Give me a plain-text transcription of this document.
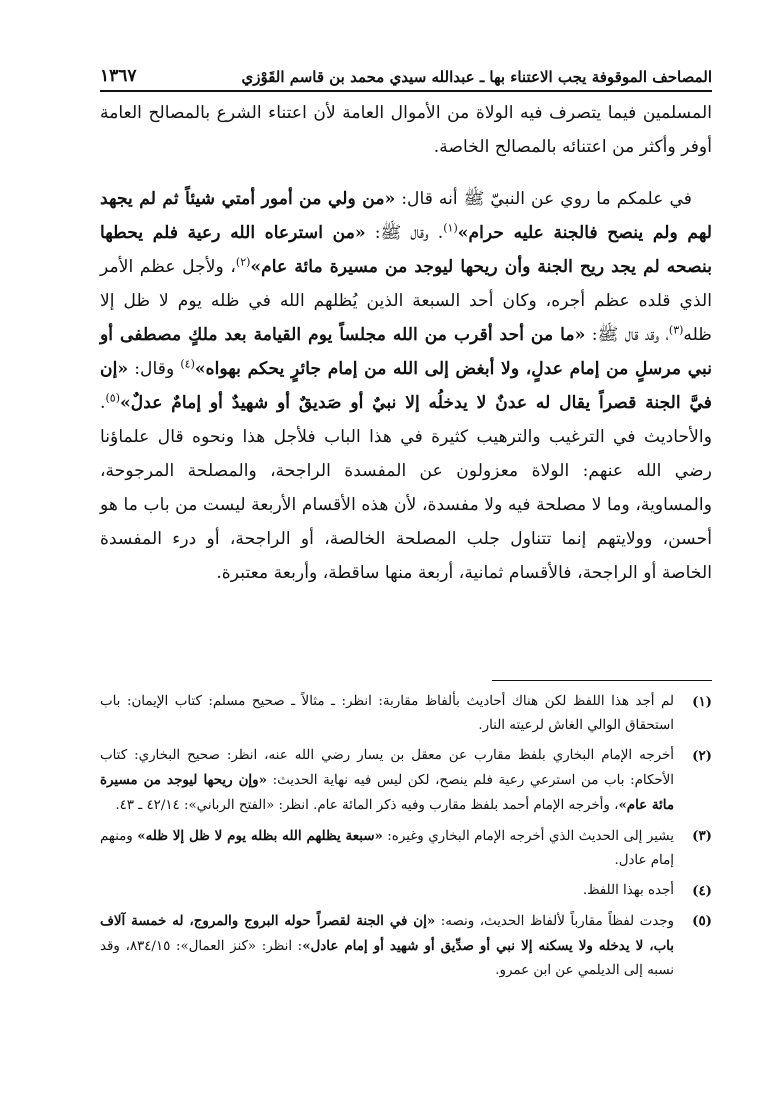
المصاحف الموقوفة يجب الاعتناء بها ـ عبدالله سيدي محمد بن قاسم القَوْزي
١٣٦٧

المسلمين فيما يتصرف فيه الولاة من الأموال العامة لأن اعتناء الشرع بالمصالح العامة أوفر وأكثر من اعتنائه بالمصالح الخاصة.

في علمكم ما روي عن النبيّ ﷺ أنه قال: «من ولي من أمور أمتي شيئاً ثم لم يجهد لهم ولم ينصح فالجنة عليه حرام»$^{(١)}$. وقال ﷺ: «من استرعاه الله رعية فلم يحطها بنصحه لم يجد ريح الجنة وأن ريحها ليوجد من مسيرة مائة عام»$^{(٢)}$، ولأجل عظم الأمر الذي قلده عظم أجره، وكان أحد السبعة الذين يُظلهم الله في ظله يوم لا ظل إلا ظله$^{(٣)}$، وقد قال ﷺ: «ما من أحد أقرب من الله مجلساً يوم القيامة بعد ملكٍ مصطفى أو نبي مرسلٍ من إمام عدلٍ، ولا أبغض إلى الله من إمام جائرٍ يحكم بهواه»$^{(٤)}$ وقال: «إن فيَّ الجنة قصراً يقال له عدنٌ لا يدخلُه إلا نبيٌ أو صَديقٌ أو شهيدٌ أو إمامٌ عدلٌ»$^{(٥)}$. والأحاديث في الترغيب والترهيب كثيرة في هذا الباب فلأجل هذا ونحوه قال علماؤنا رضي الله عنهم: الولاة معزولون عن المفسدة الراجحة، والمصلحة المرجوحة، والمساوية، وما لا مصلحة فيه ولا مفسدة، لأن هذه الأقسام الأربعة ليست من باب ما هو أحسن، وولايتهم إنما تتناول جلب المصلحة الخالصة، أو الراجحة، أو درء المفسدة الخاصة أو الراجحة، فالأقسام ثمانية، أربعة منها ساقطة، وأربعة معتبرة.

(١)
لم أجد هذا اللفظ لكن هناك أحاديث بألفاظ مقاربة: انظر: ـ مثالاً ـ صحيح مسلم: كتاب الإيمان: باب استحقاق الوالي الغاش لرعيته النار.
(٢)
أخرجه الإمام البخاري بلفظ مقارب عن معقل بن يسار رضي الله عنه، انظر: صحيح البخاري: كتاب الأحكام: باب من استرعي رعية فلم ينصح، لكن ليس فيه نهاية الحديث: «وإن ريحها ليوجد من مسيرة مائة عام»، وأخرجه الإمام أحمد بلفظ مقارب وفيه ذكر المائة عام. انظر: «الفتح الرباني»: ٤٢/١٤ ـ ٤٣.
(٣)
يشير إلى الحديث الذي أخرجه الإمام البخاري وغيره: «سبعة يظلهم الله بظله يوم لا ظل إلا ظله» ومنهم إمام عادل.
(٤)
أجده بهذا اللفظ.
(٥)
وجدت لفظاً مقارباً لألفاظ الحديث، ونصه: «إن في الجنة لقصراً حوله البروج والمروج، له خمسة آلاف باب، لا يدخله ولا يسكنه إلا نبي أو صدِّيق أو شهيد أو إمام عادل»: انظر: «كنز العمال»: ٨٣٤/١٥، وقد نسبه إلى الديلمي عن ابن عمرو.
